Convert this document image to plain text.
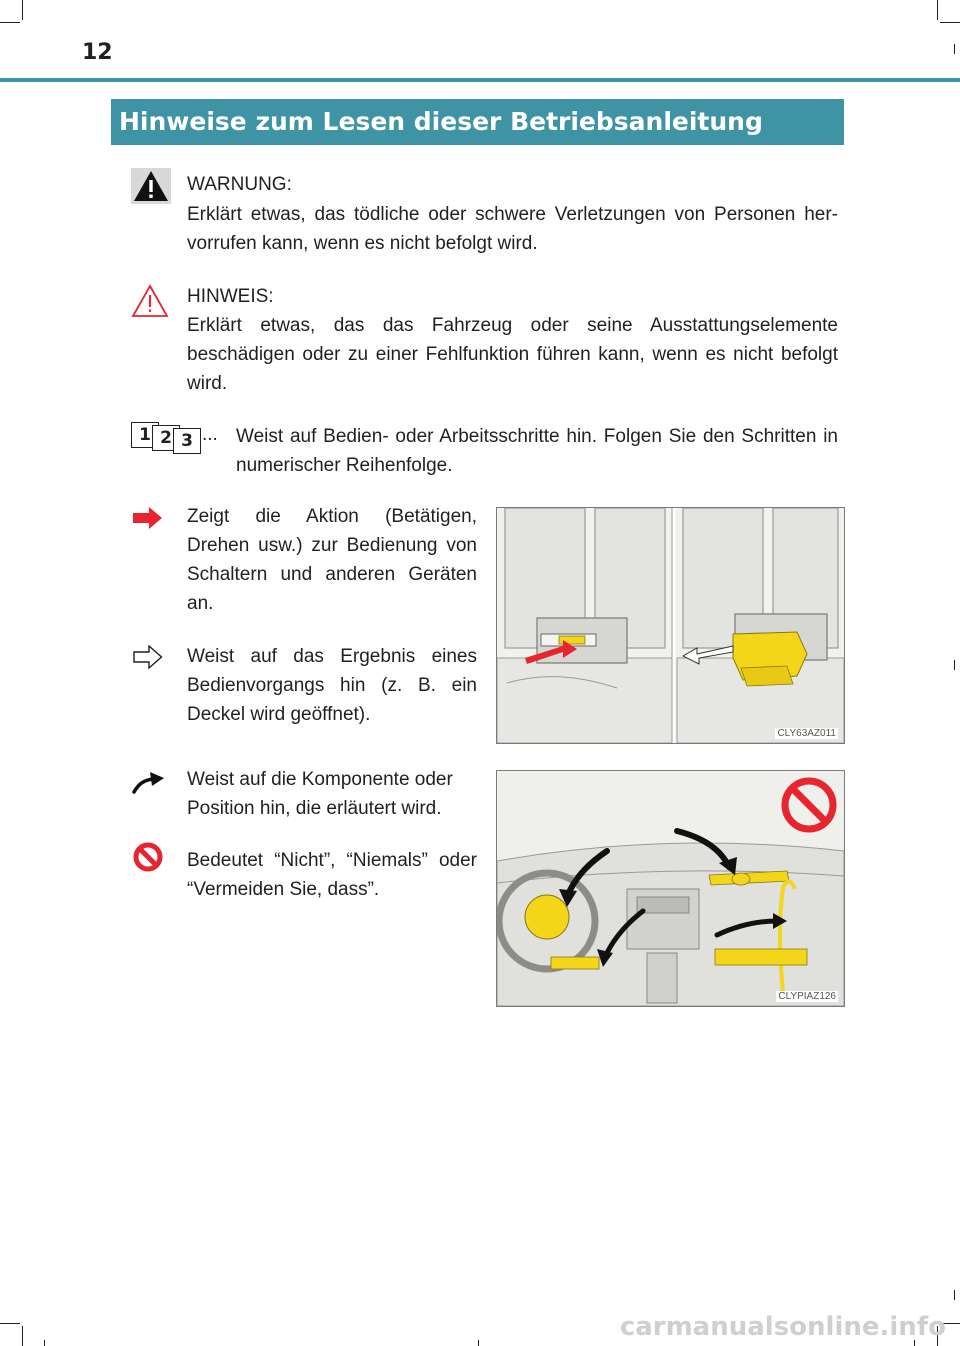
12
Hinweise zum Lesen dieser Betriebsanleitung
WARNUNG:
Erklärt etwas, das tödliche oder schwere Verletzungen von Personen her-vorrufen kann, wenn es nicht befolgt wird.
HINWEIS:
Erklärt etwas, das das Fahrzeug oder seine Ausstattungselemente beschädigen oder zu einer Fehlfunktion führen kann, wenn es nicht befolgt wird.
1 2 3 ... Weist auf Bedien- oder Arbeitsschritte hin. Folgen Sie den Schritten in numerischer Reihenfolge.
Zeigt die Aktion (Betätigen, Drehen usw.) zur Bedienung von Schaltern und anderen Geräten an.
Weist auf das Ergebnis eines Bedienvorgangs hin (z. B. ein Deckel wird geöffnet).
Weist auf die Komponente oder Position hin, die erläutert wird.
Bedeutet “Nicht”, “Niemals” oder “Vermeiden Sie, dass”.
CLY63AZ011
CLYPIAZ126
carmanualsonline.info
